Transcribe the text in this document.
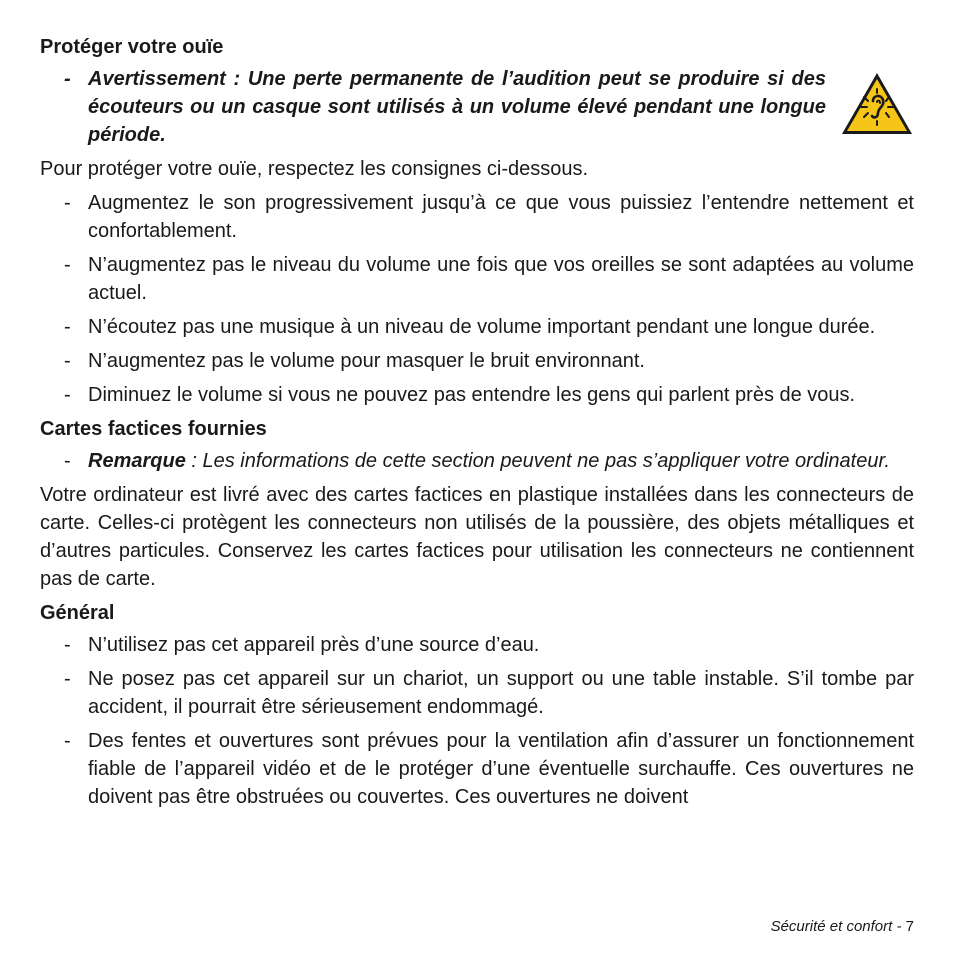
Protéger votre ouïe
- Avertissement : Une perte permanente de l’audition peut se produire si des écouteurs ou un casque sont utilisés à un volume élevé pendant une longue période.

Pour protéger votre ouïe, respectez les consignes ci-dessous.

- Augmentez le son progressivement jusqu’à ce que vous puissiez l’entendre nettement et confortablement.
- N’augmentez pas le niveau du volume une fois que vos oreilles se sont adaptées au volume actuel.
- N’écoutez pas une musique à un niveau de volume important pendant une longue durée.
- N’augmentez pas le volume pour masquer le bruit environnant.
- Diminuez le volume si vous ne pouvez pas entendre les gens qui parlent près de vous.
Cartes factices fournies
- Remarque : Les informations de cette section peuvent ne pas s’appliquer votre ordinateur.

Votre ordinateur est livré avec des cartes factices en plastique installées dans les connecteurs de carte. Celles-ci protègent les connecteurs non utilisés de la poussière, des objets métalliques et d’autres particules. Conservez les cartes factices pour utilisation les connecteurs ne contiennent pas de carte.

Général
- N’utilisez pas cet appareil près d’une source d’eau.
- Ne posez pas cet appareil sur un chariot, un support ou une table instable. S’il tombe par accident, il pourrait être sérieusement endommagé.
- Des fentes et ouvertures sont prévues pour la ventilation afin d’assurer un fonctionnement fiable de l’appareil vidéo et de le protéger d’une éventuelle surchauffe. Ces ouvertures ne doivent pas être obstruées ou couvertes. Ces ouvertures ne doivent
Sécurité et confort - 7
